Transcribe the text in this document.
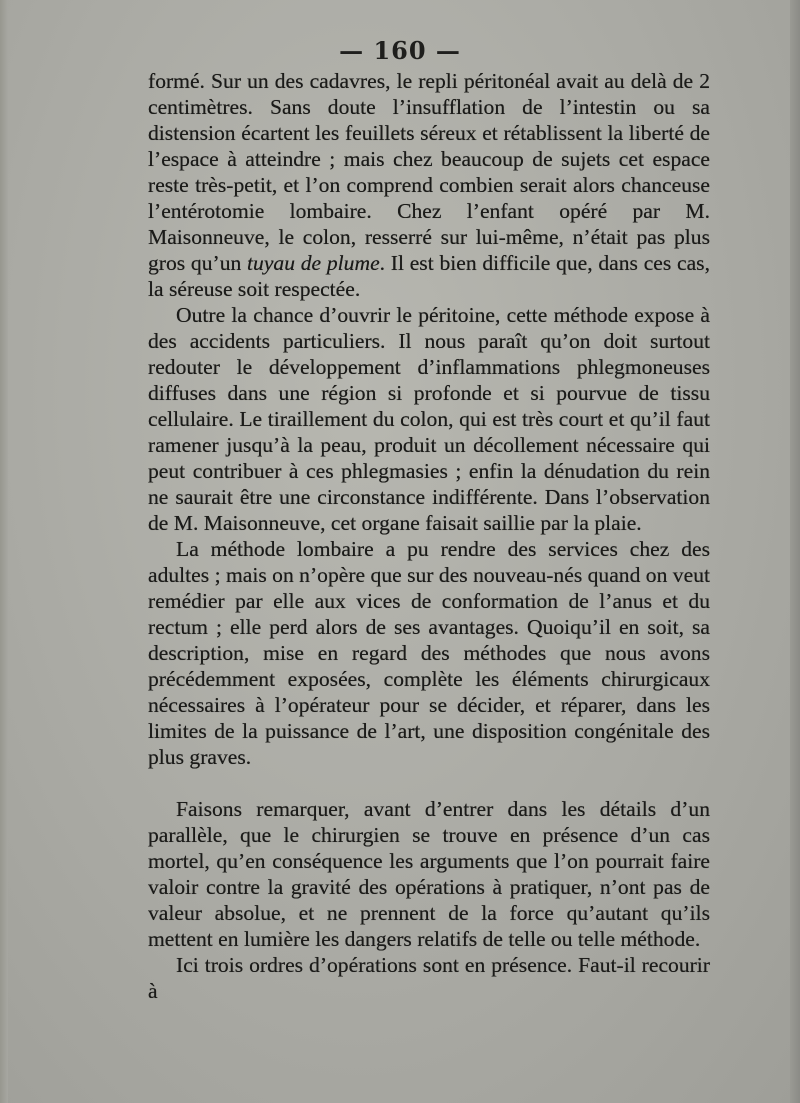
— 160 —

formé. Sur un des cadavres, le repli péritonéal avait au delà de 2 centimètres. Sans doute l’insufflation de l’intestin ou sa distension écartent les feuillets séreux et rétablissent la liberté de l’espace à atteindre ; mais chez beaucoup de sujets cet espace reste très-petit, et l’on comprend combien serait alors chanceuse l’entérotomie lombaire. Chez l’enfant opéré par M. Maisonneuve, le colon, resserré sur lui-même, n’était pas plus gros qu’un tuyau de plume. Il est bien difficile que, dans ces cas, la séreuse soit respectée.

Outre la chance d’ouvrir le péritoine, cette méthode expose à des accidents particuliers. Il nous paraît qu’on doit surtout redouter le développement d’inflammations phlegmoneuses diffuses dans une région si profonde et si pourvue de tissu cellulaire. Le tiraillement du colon, qui est très court et qu’il faut ramener jusqu’à la peau, produit un décollement nécessaire qui peut contribuer à ces phlegmasies ; enfin la dénudation du rein ne saurait être une circonstance indifférente. Dans l’observation de M. Maisonneuve, cet organe faisait saillie par la plaie.

La méthode lombaire a pu rendre des services chez des adultes ; mais on n’opère que sur des nouveau-nés quand on veut remédier par elle aux vices de conformation de l’anus et du rectum ; elle perd alors de ses avantages. Quoiqu’il en soit, sa description, mise en regard des méthodes que nous avons précédemment exposées, complète les éléments chirurgicaux nécessaires à l’opérateur pour se décider, et réparer, dans les limites de la puissance de l’art, une disposition congénitale des plus graves.

Faisons remarquer, avant d’entrer dans les détails d’un parallèle, que le chirurgien se trouve en présence d’un cas mortel, qu’en conséquence les arguments que l’on pourrait faire valoir contre la gravité des opérations à pratiquer, n’ont pas de valeur absolue, et ne prennent de la force qu’autant qu’ils mettent en lumière les dangers relatifs de telle ou telle méthode.

Ici trois ordres d’opérations sont en présence. Faut-il recourir à
